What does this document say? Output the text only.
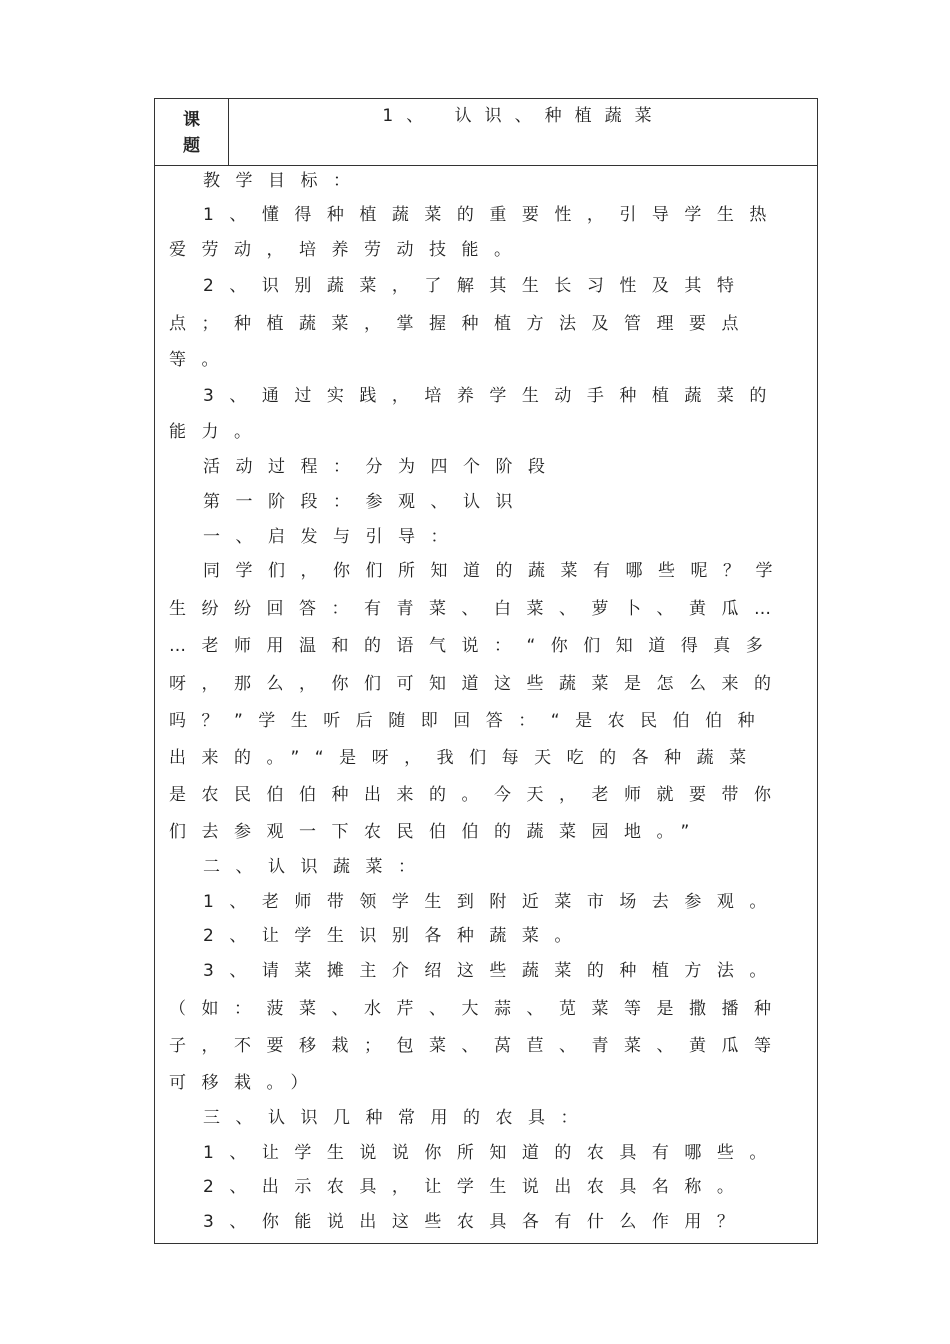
课
题
1、 认识、种植蔬菜
教学目标：
1、懂得种植蔬菜的重要性，引导学生热
爱劳动，培养劳动技能。
2、识别蔬菜，了解其生长习性及其特
点；种植蔬菜，掌握种植方法及管理要点
等。
3、通过实践，培养学生动手种植蔬菜的
能力。
活动过程：分为四个阶段
第一阶段：参观、认识
一、启发与引导：
同学们，你们所知道的蔬菜有哪些呢？学
生纷纷回答：有青菜、白菜、萝卜、黄瓜…
…老师用温和的语气说：“你们知道得真多
呀，那么，你们可知道这些蔬菜是怎么来的
吗？”学生听后随即回答：“是农民伯伯种
出来的。”“是呀，我们每天吃的各种蔬菜
是农民伯伯种出来的。今天，老师就要带你
们去参观一下农民伯伯的蔬菜园地。”
二、认识蔬菜：
1、老师带领学生到附近菜市场去参观。
2、让学生识别各种蔬菜。
3、请菜摊主介绍这些蔬菜的种植方法。
（如：菠菜、水芹、大蒜、苋菜等是撒播种
子，不要移栽；包菜、莴苣、青菜、黄瓜等
可移栽。）
三、认识几种常用的农具：
1、让学生说说你所知道的农具有哪些。
2、出示农具，让学生说出农具名称。
3、你能说出这些农具各有什么作用？
